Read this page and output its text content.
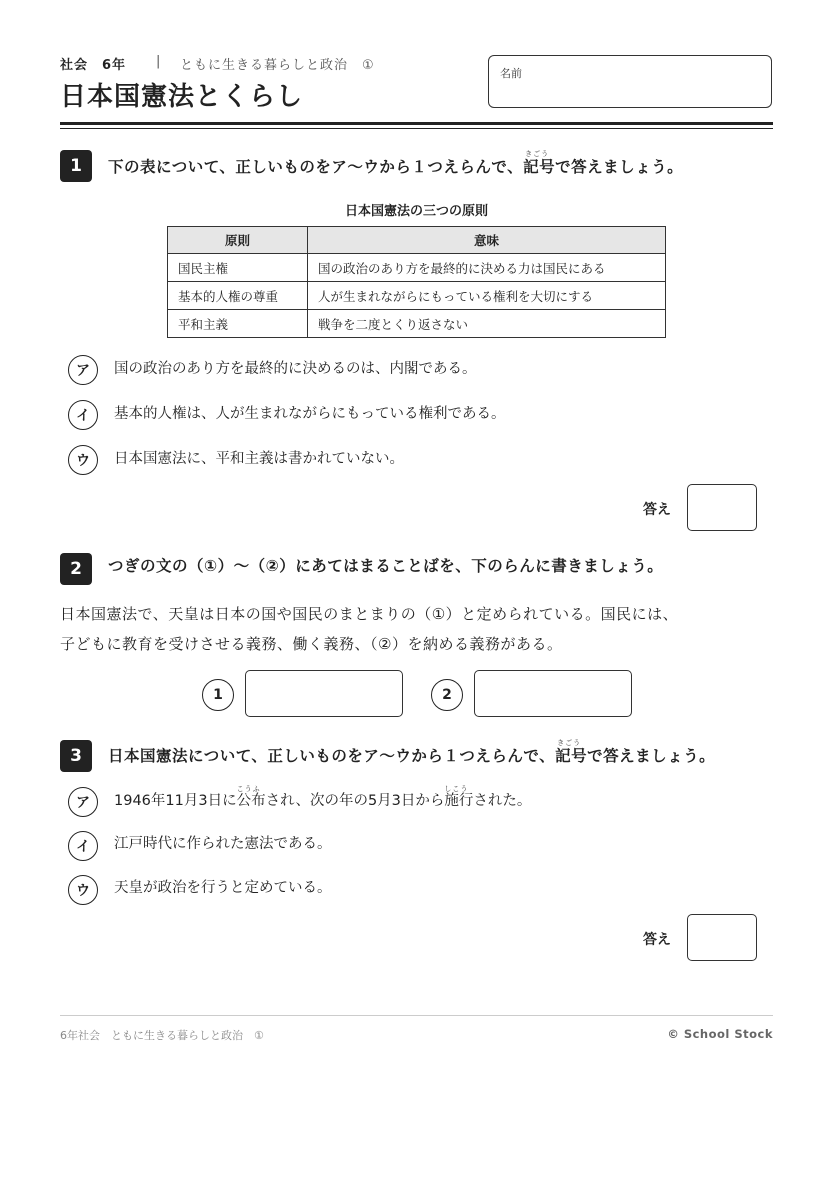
社会　6年 | ともに生きる暮らしと政治　①
日本国憲法とくらし
名前
1	下の表について、正しいものをア～ウから１つえらんで、
きごう
記号で答えましょう。
日本国憲法の三つの原則
原則	意味
国民主権	国の政治のあり方を最終的に決める力は国民にある
基本的人権の尊重	人が生まれながらにもっている権利を大切にする
平和主義	戦争を二度とくり返さない
ア	国の政治のあり方を最終的に決めるのは、内閣である。
イ	基本的人権は、人が生まれながらにもっている権利である。
ウ	日本国憲法に、平和主義は書かれていない。
答え
2	つぎの文の（①）～（②）にあてはまることばを、下のらんに書きましょう。
日本国憲法で、天皇は日本の国や国民のまとまりの（①）と定められている。国民には、
子どもに教育を受けさせる義務、働く義務、（②）を納める義務がある。
1	2
3	日本国憲法について、正しいものをア～ウから１つえらんで、
きごう
記号で答えましょう。
ア	1946年11月3日に
こうふ
公布され、次の年の5月3日から
しこう
施行された。
イ	江戸時代に作られた憲法である。
ウ	天皇が政治を行うと定めている。
答え
6年社会　ともに生きる暮らしと政治　①	© School Stock
